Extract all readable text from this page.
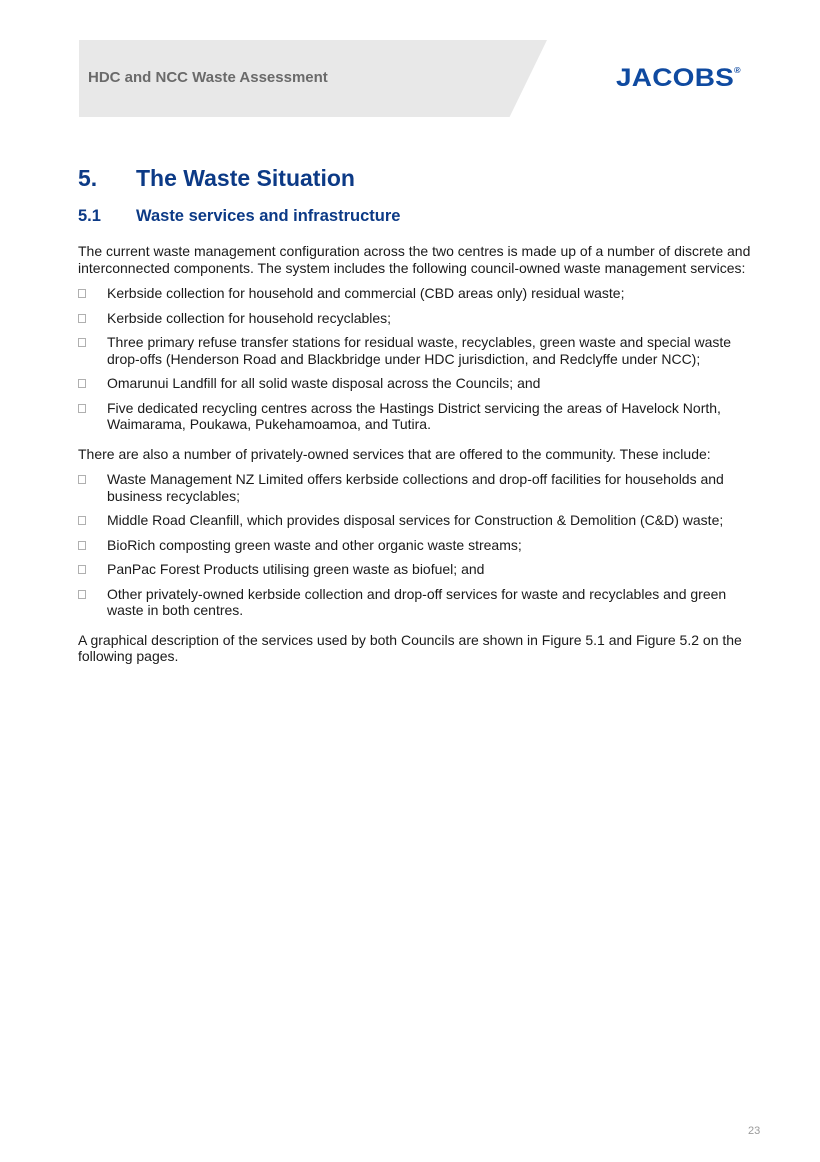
HDC and NCC Waste Assessment	JACOBS®
5. The Waste Situation
5.1 Waste services and infrastructure

The current waste management configuration across the two centres is made up of a number of discrete and interconnected components. The system includes the following council-owned waste management services:

Kerbside collection for household and commercial (CBD areas only) residual waste;
Kerbside collection for household recyclables;
Three primary refuse transfer stations for residual waste, recyclables, green waste and special waste drop-offs (Henderson Road and Blackbridge under HDC jurisdiction, and Redclyffe under NCC);
Omarunui Landfill for all solid waste disposal across the Councils; and
Five dedicated recycling centres across the Hastings District servicing the areas of Havelock North, Waimarama, Poukawa, Pukehamoamoa, and Tutira.

There are also a number of privately-owned services that are offered to the community. These include:

Waste Management NZ Limited offers kerbside collections and drop-off facilities for households and business recyclables;
Middle Road Cleanfill, which provides disposal services for Construction & Demolition (C&D) waste;
BioRich composting green waste and other organic waste streams;
PanPac Forest Products utilising green waste as biofuel; and
Other privately-owned kerbside collection and drop-off services for waste and recyclables and green waste in both centres.

A graphical description of the services used by both Councils are shown in Figure 5.1 and Figure 5.2 on the following pages.

23
